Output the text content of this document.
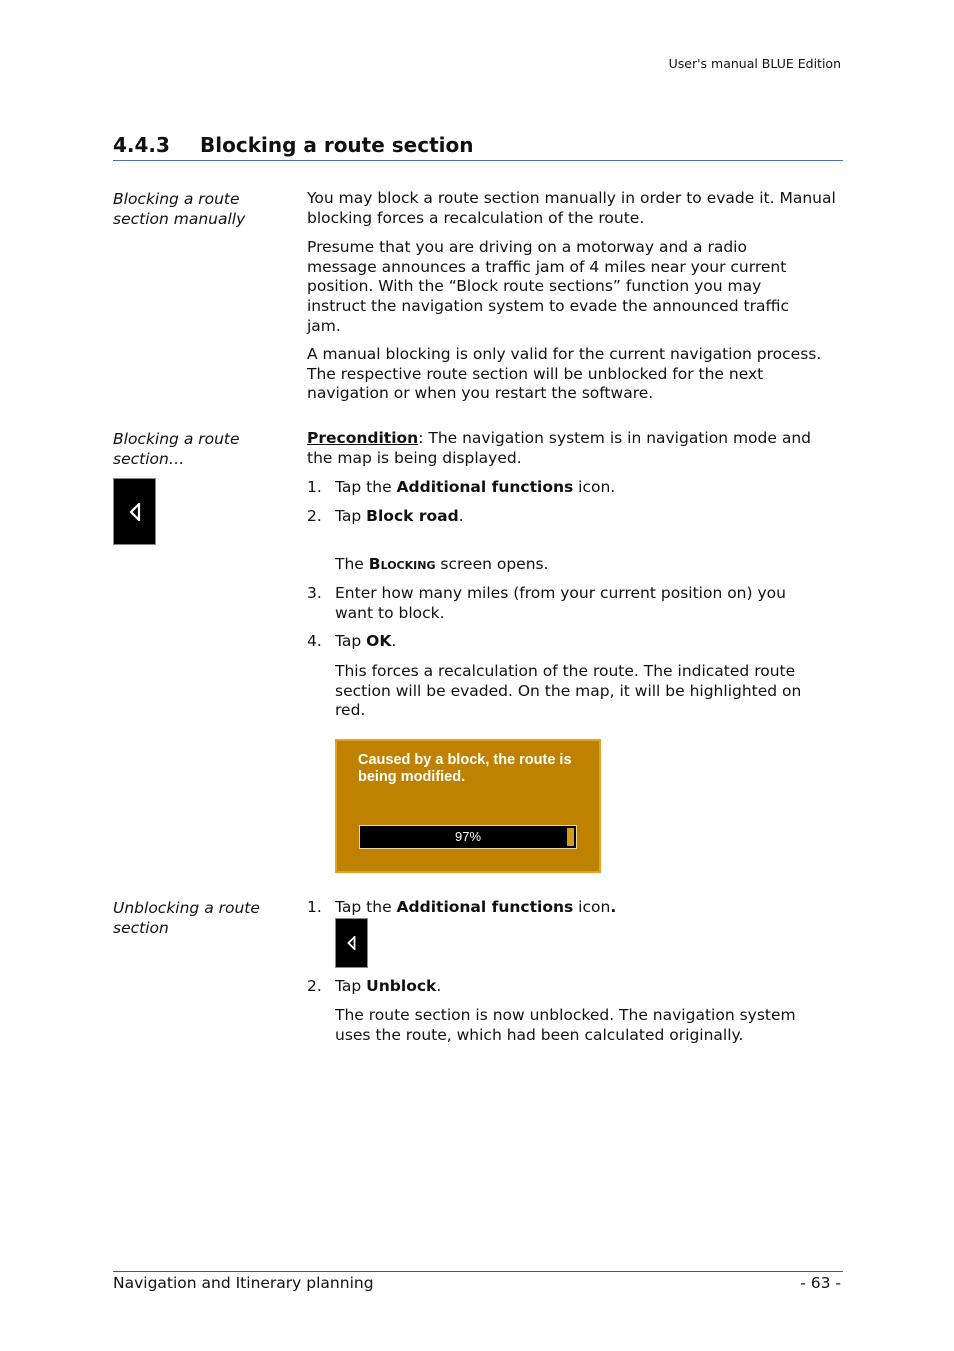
User's manual BLUE Edition
4.4.3 Blocking a route section
Blocking a route section manually
You may block a route section manually in order to evade it. Manual blocking forces a recalculation of the route.
Presume that you are driving on a motorway and a radio message announces a traffic jam of 4 miles near your current position. With the “Block route sections” function you may instruct the navigation system to evade the announced traffic jam.
A manual blocking is only valid for the current navigation process. The respective route section will be unblocked for the next navigation or when you restart the software.
Blocking a route section…
Precondition: The navigation system is in navigation mode and the map is being displayed.
1. Tap the Additional functions icon.
2. Tap Block road.
The Blocking screen opens.
3. Enter how many miles (from your current position on) you want to block.
4. Tap OK.
This forces a recalculation of the route. The indicated route section will be evaded. On the map, it will be highlighted on red.
Caused by a block, the route is being modified.
97%
Unblocking a route section
1. Tap the Additional functions icon.
2. Tap Unblock.
The route section is now unblocked. The navigation system uses the route, which had been calculated originally.
Navigation and Itinerary planning	- 63 -
